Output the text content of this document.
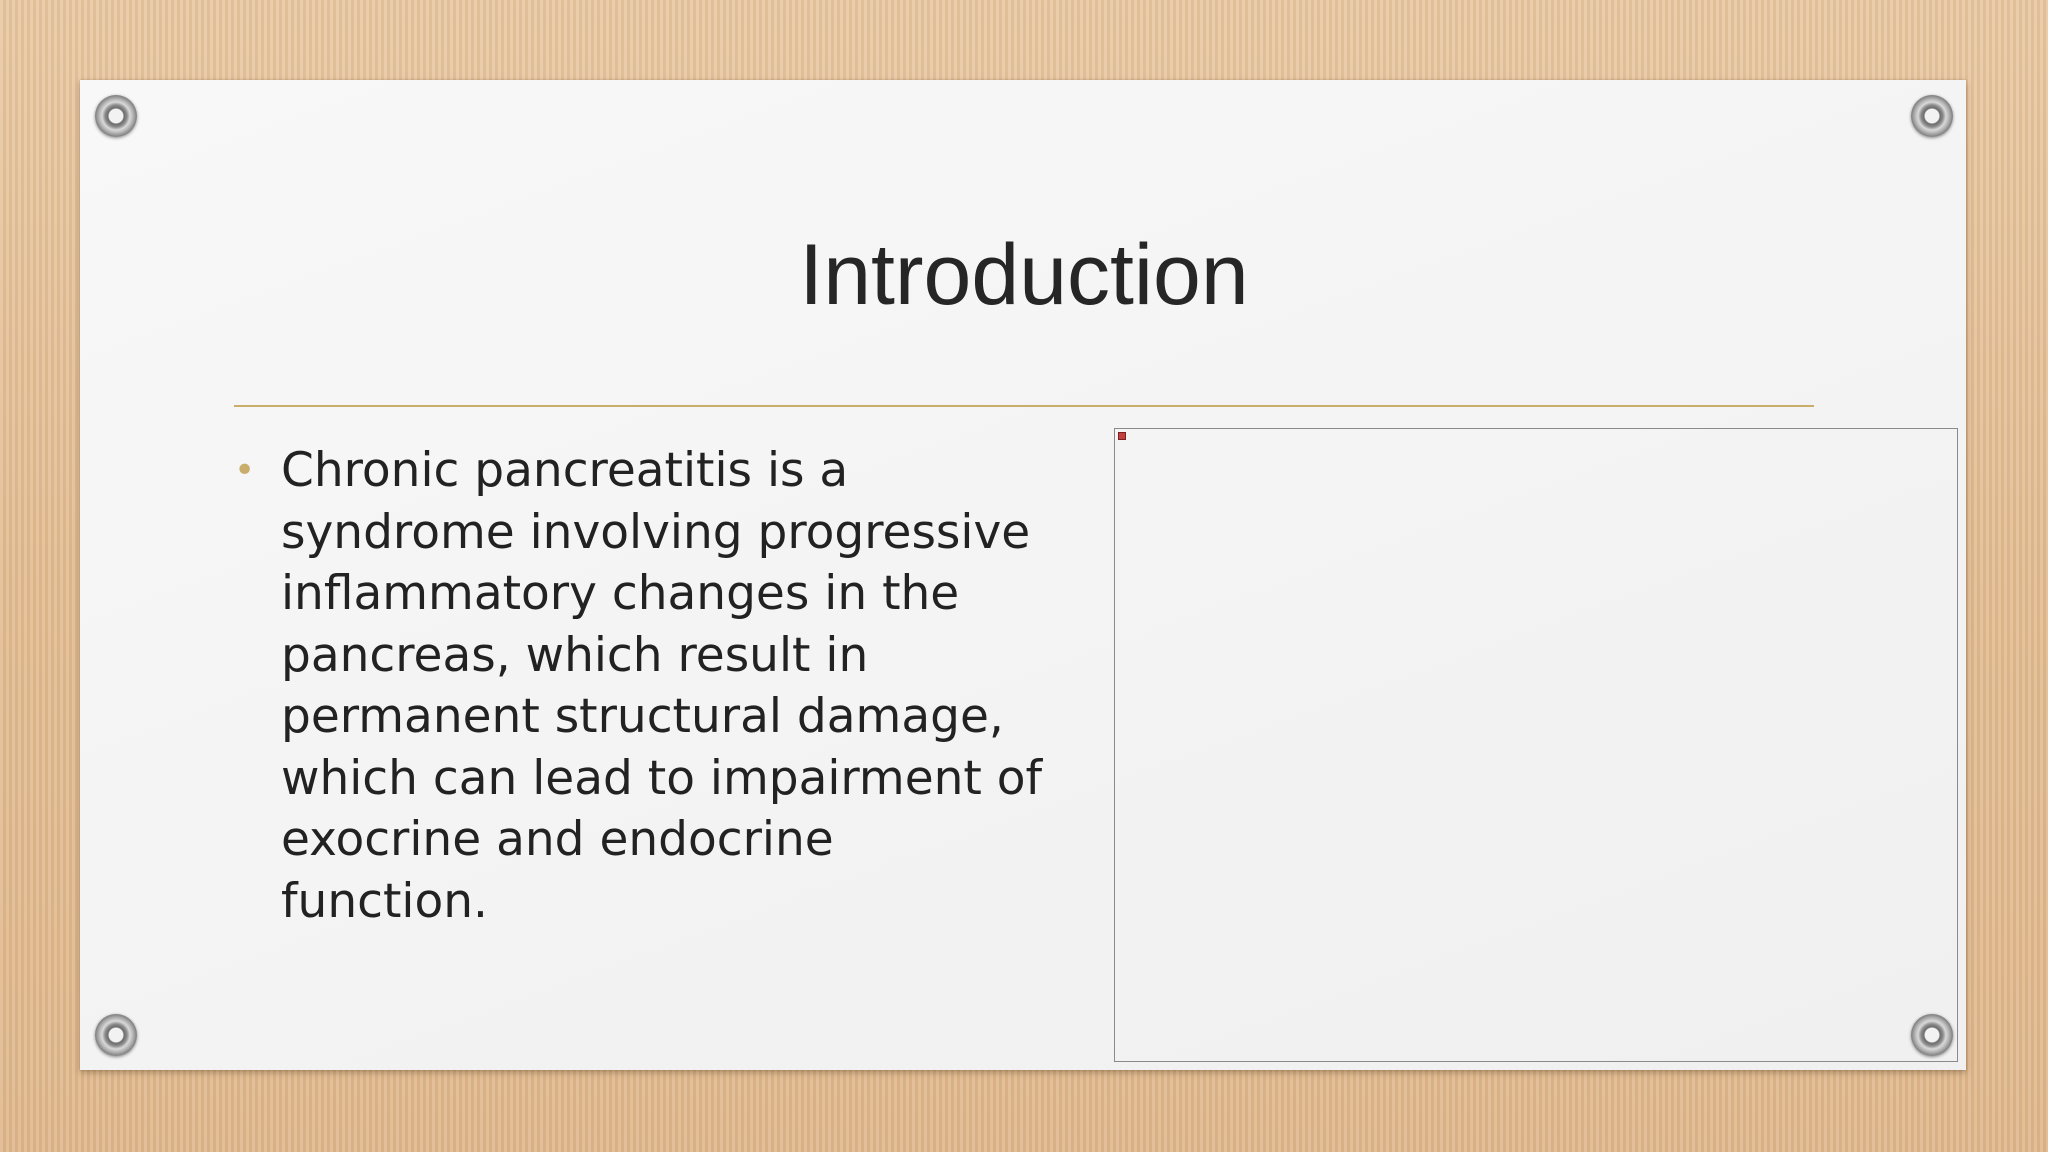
Introduction
• Chronic pancreatitis is a syndrome involving progressive inflammatory changes in the pancreas, which result in permanent structural damage, which can lead to impairment of exocrine and endocrine function.
